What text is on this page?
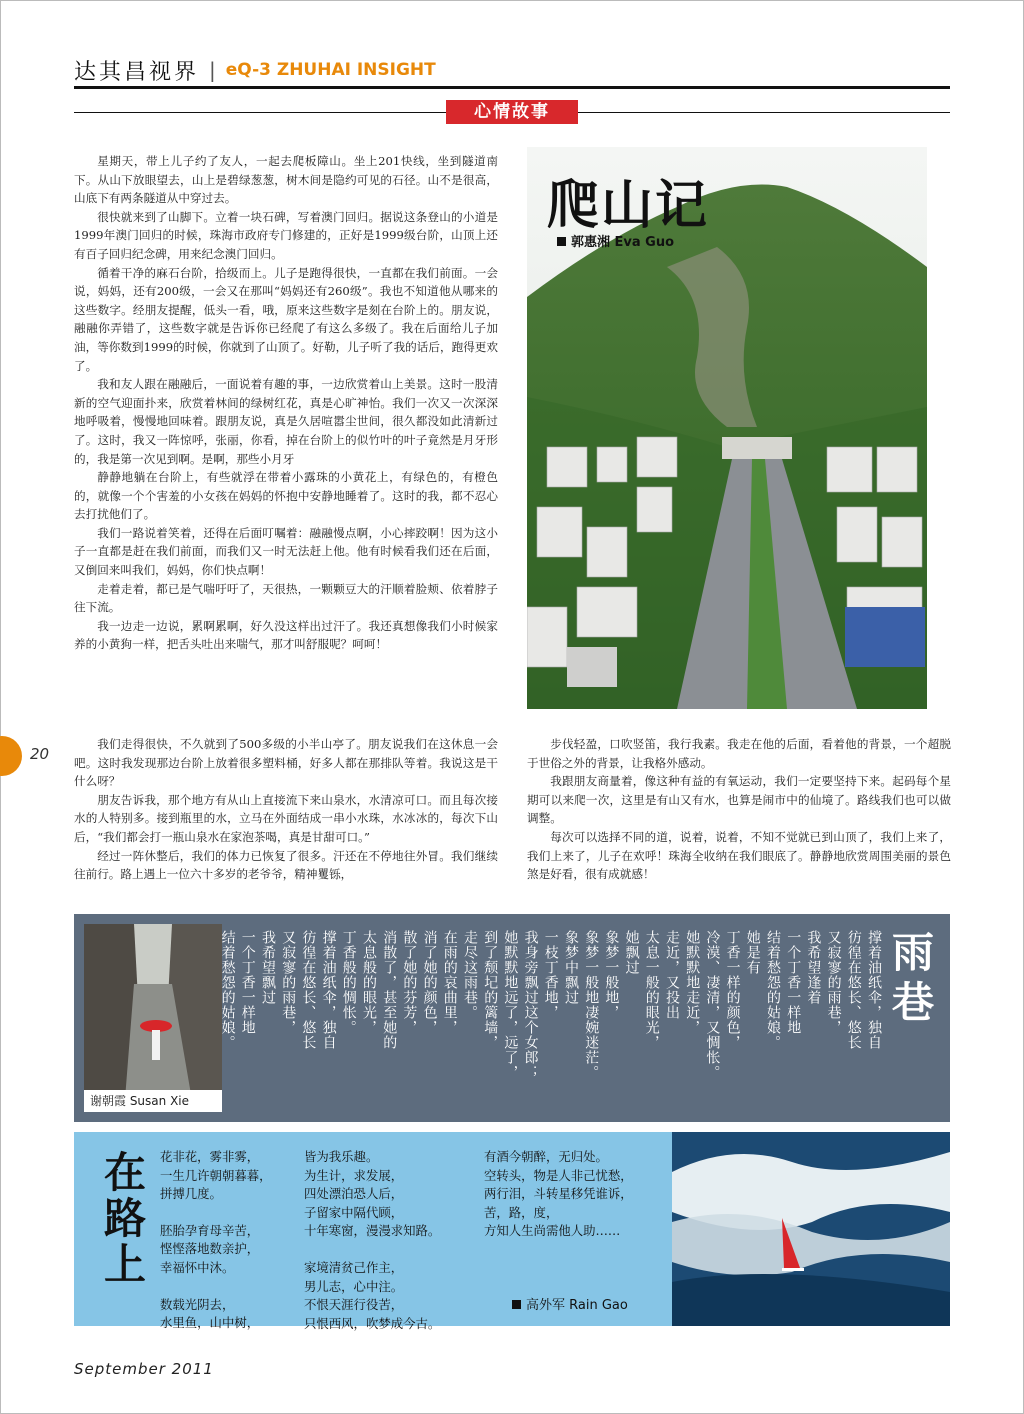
达其昌视界 | eQ-3 ZHUHAI INSIGHT
心情故事

星期天，带上儿子约了友人，一起去爬板障山。坐上201快线，坐到隧道南下。从山下放眼望去，山上是碧绿葱葱，树木间是隐约可见的石径。山不是很高，山底下有两条隧道从中穿过去。

很快就来到了山脚下。立着一块石碑，写着澳门回归。据说这条登山的小道是1999年澳门回归的时候，珠海市政府专门修建的，正好是1999级台阶，山顶上还有百子回归纪念碑，用来纪念澳门回归。

循着干净的麻石台阶，拾级而上。儿子是跑得很快，一直都在我们前面。一会说，妈妈，还有200级，一会又在那叫“妈妈还有260级”。我也不知道他从哪来的这些数字。经朋友提醒，低头一看，哦，原来这些数字是刻在台阶上的。朋友说，融融你弄错了，这些数字就是告诉你已经爬了有这么多级了。我在后面给儿子加油，等你数到1999的时候，你就到了山顶了。好勒，儿子听了我的话后，跑得更欢了。

我和友人跟在融融后，一面说着有趣的事，一边欣赏着山上美景。这时一股清新的空气迎面扑来，欣赏着林间的绿树红花，真是心旷神怡。我们一次又一次深深地呼吸着，慢慢地回味着。跟朋友说，真是久居喧嚣尘世间，很久都没如此清新过了。这时，我又一阵惊呼，张丽，你看，掉在台阶上的似竹叶的叶子竟然是月牙形的，我是第一次见到啊。是啊，那些小月牙

静静地躺在台阶上，有些就浮在带着小露珠的小黄花上，有绿色的，有橙色的，就像一个个害羞的小女孩在妈妈的怀抱中安静地睡着了。这时的我，都不忍心去打扰他们了。

我们一路说着笑着，还得在后面叮嘱着：融融慢点啊，小心摔跤啊！因为这小子一直都是赶在我们前面，而我们又一时无法赶上他。他有时候看我们还在后面，又倒回来叫我们，妈妈，你们快点啊！

走着走着，都已是气喘吁吁了，天很热，一颗颗豆大的汗顺着脸颊、依着脖子往下流。

我一边走一边说，累啊累啊，好久没这样出过汗了。我还真想像我们小时候家养的小黄狗一样，把舌头吐出来喘气，那才叫舒服呢？呵呵！

爬山记
郭惠湘 Eva Guo
20

我们走得很快，不久就到了500多级的小半山亭了。朋友说我们在这休息一会吧。这时我发现那边台阶上放着很多塑料桶，好多人都在那排队等着。我说这是干什么呀？

朋友告诉我，那个地方有从山上直接流下来山泉水，水清凉可口。而且每次接水的人特别多。接到瓶里的水，立马在外面结成一串小水珠，水冰冰的，每次下山后，“我们都会打一瓶山泉水在家泡茶喝，真是甘甜可口。”

经过一阵休整后，我们的体力已恢复了很多。汗还在不停地往外冒。我们继续往前行。路上遇上一位六十多岁的老爷爷，精神矍铄，

步伐轻盈，口吹竖笛，我行我素。我走在他的后面，看着他的背景，一个超脱于世俗之外的背景，让我格外感动。

我跟朋友商量着，像这种有益的有氧运动，我们一定要坚持下来。起码每个星期可以来爬一次，这里是有山又有水，也算是闹市中的仙境了。路线我们也可以做调整。

每次可以选择不同的道，说着，说着，不知不觉就已到山顶了，我们上来了，我们上来了，儿子在欢呼！珠海全收纳在我们眼底了。静静地欣赏周围美丽的景色煞是好看，很有成就感！

谢朝霞 Susan Xie
撑着油纸伞，独自
彷徨在悠长、悠长
又寂寥的雨巷，
我希望逢着
一个丁香一样地
结着愁怨的姑娘。
她是有
丁香一样的颜色，
冷漠、凄清，又惆怅。
她默默地走近，
走近，又投出
太息一般的眼光，
她飘过
象梦一般地，
象梦一般地凄婉迷茫。
象梦中飘过
一枝丁香地，
我身旁飘过这个女郎；
她默默地远了，远了，
到了颓圮的篱墙，
走尽这雨巷。
在雨的哀曲里，
消了她的颜色，
散了她的芬芳，
消散了，甚至她的
太息般的眼光，
丁香般的惆怅。
撑着油纸伞，独自
彷徨在悠长、悠长
又寂寥的雨巷，
我希望飘过
一个丁香一样地
结着愁怨的姑娘。	雨巷
在路上	花非花，雾非雾，

一生几许朝朝暮暮，

拼搏几度。

胚胎孕育母辛苦，

悭悭落地数亲护，

幸福怀中沐。

数载光阴去，

水里鱼，山中树，

皆为我乐趣。

为生计，求发展，

四处漂泊恐人后，

子留家中隔代顾，

十年寒窗，漫漫求知路。

家境清贫己作主，

男儿志，心中注。

不恨天涯行役苦，

只恨西风，吹梦成今古。

有酒今朝醉，无归处。

空转头，物是人非己忧愁，

两行泪，斗转星移凭谁诉，

苦，路，度，

方知人生尚需他人助……

高外军 Rain Gao
September 2011
